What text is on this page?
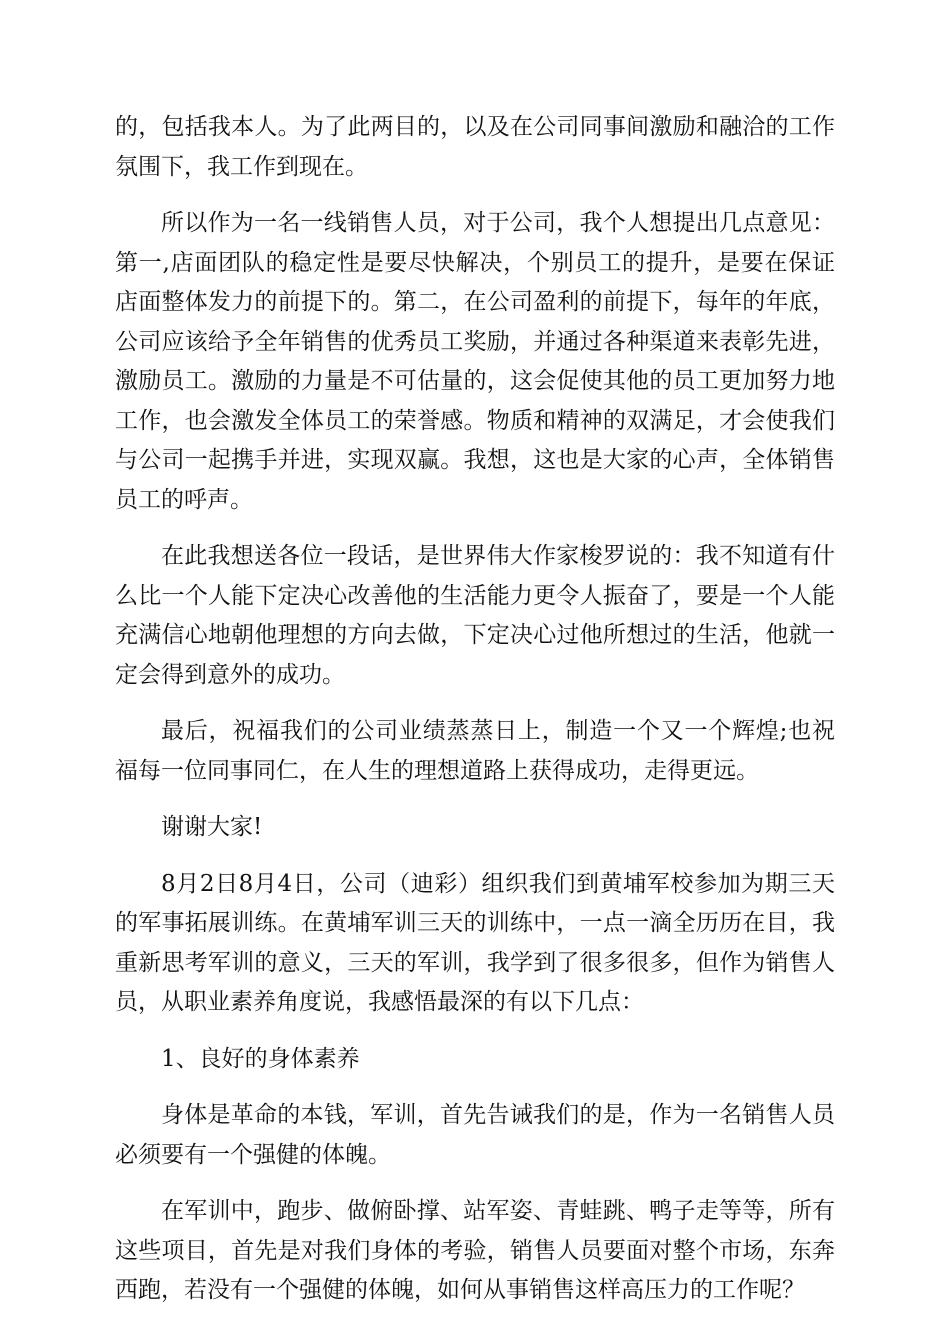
的，包括我本人。为了此两目的，以及在公司同事间激励和融洽的工作氛围下，我工作到现在。

所以作为一名一线销售人员，对于公司，我个人想提出几点意见：第一,店面团队的稳定性是要尽快解决，个别员工的提升，是要在保证店面整体发力的前提下的。第二，在公司盈利的前提下，每年的年底，公司应该给予全年销售的优秀员工奖励，并通过各种渠道来表彰先进，激励员工。激励的力量是不可估量的，这会促使其他的员工更加努力地工作，也会激发全体员工的荣誉感。物质和精神的双满足，才会使我们与公司一起携手并进，实现双赢。我想，这也是大家的心声，全体销售员工的呼声。

在此我想送各位一段话，是世界伟大作家梭罗说的：我不知道有什么比一个人能下定决心改善他的生活能力更令人振奋了，要是一个人能充满信心地朝他理想的方向去做，下定决心过他所想过的生活，他就一定会得到意外的成功。

最后，祝福我们的公司业绩蒸蒸日上，制造一个又一个辉煌;也祝福每一位同事同仁，在人生的理想道路上获得成功，走得更远。

谢谢大家!

8月2日8月4日，公司（迪彩）组织我们到黄埔军校参加为期三天的军事拓展训练。在黄埔军训三天的训练中，一点一滴全历历在目，我重新思考军训的意义，三天的军训，我学到了很多很多，但作为销售人员，从职业素养角度说，我感悟最深的有以下几点：

1、良好的身体素养

身体是革命的本钱，军训，首先告诫我们的是，作为一名销售人员必须要有一个强健的体魄。

在军训中，跑步、做俯卧撑、站军姿、青蛙跳、鸭子走等等，所有这些项目，首先是对我们身体的考验，销售人员要面对整个市场，东奔西跑，若没有一个强健的体魄，如何从事销售这样高压力的工作呢？
